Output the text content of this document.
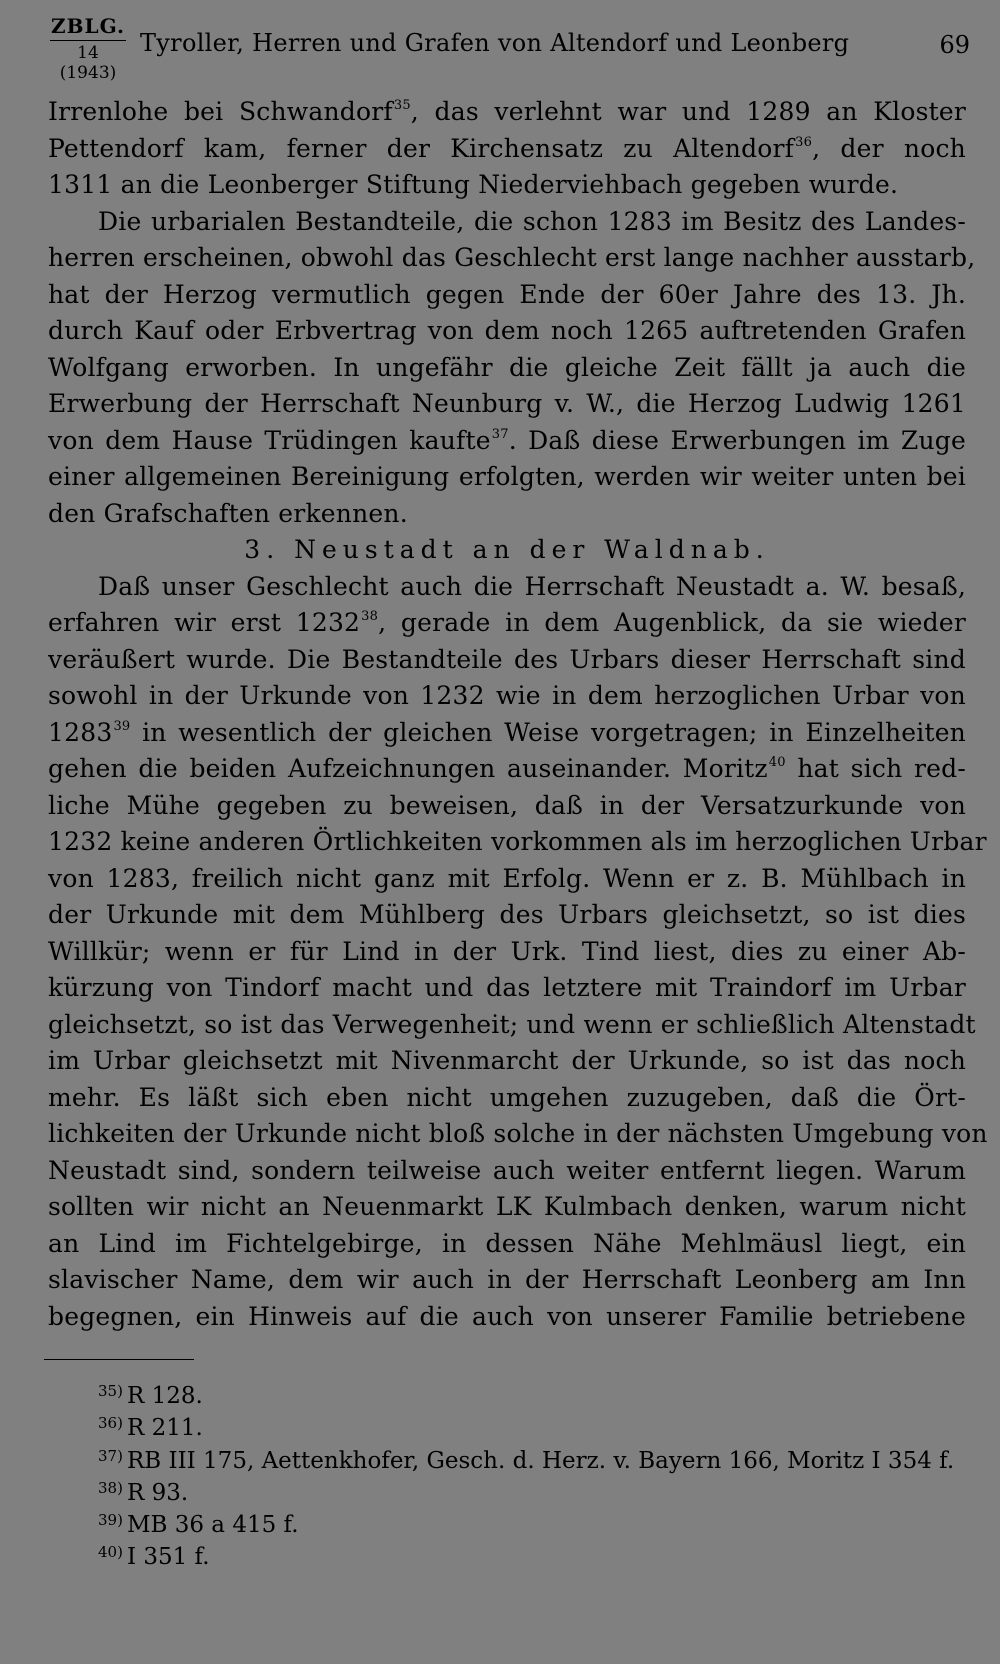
ZBLG.
14 (1943)
Tyroller, Herren und Grafen von Altendorf und Leonberg	69
Irrenlohe bei Schwandorf$^{35}$, das verlehnt war und 1289 an Kloster
Pettendorf kam, ferner der Kirchensatz zu Altendorf$^{36}$, der noch
1311 an die Leonberger Stiftung Niederviehbach gegeben wurde.
Die urbarialen Bestandteile, die schon 1283 im Besitz des Landes-
herren erscheinen, obwohl das Geschlecht erst lange nachher ausstarb,
hat der Herzog vermutlich gegen Ende der 60er Jahre des 13. Jh.
durch Kauf oder Erbvertrag von dem noch 1265 auftretenden Grafen
Wolfgang erworben. In ungefähr die gleiche Zeit fällt ja auch die
Erwerbung der Herrschaft Neunburg v. W., die Herzog Ludwig 1261
von dem Hause Trüdingen kaufte$^{37}$. Daß diese Erwerbungen im Zuge
einer allgemeinen Bereinigung erfolgten, werden wir weiter unten bei
den Grafschaften erkennen.
3. Neustadt an der Waldnab.
Daß unser Geschlecht auch die Herrschaft Neustadt a. W. besaß,
erfahren wir erst 1232$^{38}$, gerade in dem Augenblick, da sie wieder
veräußert wurde. Die Bestandteile des Urbars dieser Herrschaft sind
sowohl in der Urkunde von 1232 wie in dem herzoglichen Urbar von
1283$^{39}$ in wesentlich der gleichen Weise vorgetragen; in Einzelheiten
gehen die beiden Aufzeichnungen auseinander. Moritz$^{40}$ hat sich red-
liche Mühe gegeben zu beweisen, daß in der Versatzurkunde von
1232 keine anderen Örtlichkeiten vorkommen als im herzoglichen Urbar
von 1283, freilich nicht ganz mit Erfolg. Wenn er z. B. Mühlbach in
der Urkunde mit dem Mühlberg des Urbars gleichsetzt, so ist dies
Willkür; wenn er für Lind in der Urk. Tind liest, dies zu einer Ab-
kürzung von Tindorf macht und das letztere mit Traindorf im Urbar
gleichsetzt, so ist das Verwegenheit; und wenn er schließlich Altenstadt
im Urbar gleichsetzt mit Nivenmarcht der Urkunde, so ist das noch
mehr. Es läßt sich eben nicht umgehen zuzugeben, daß die Ört-
lichkeiten der Urkunde nicht bloß solche in der nächsten Umgebung von
Neustadt sind, sondern teilweise auch weiter entfernt liegen. Warum
sollten wir nicht an Neuenmarkt LK Kulmbach denken, warum nicht
an Lind im Fichtelgebirge, in dessen Nähe Mehlmäusl liegt, ein
slavischer Name, dem wir auch in der Herrschaft Leonberg am Inn
begegnen, ein Hinweis auf die auch von unserer Familie betriebene
$^{35)}$ R 128.
$^{36)}$ R 211.
$^{37)}$ RB III 175, Aettenkhofer, Gesch. d. Herz. v. Bayern 166, Moritz I 354 f.
$^{38)}$ R 93.
$^{39)}$ MB 36 a 415 f.
$^{40)}$ I 351 f.
